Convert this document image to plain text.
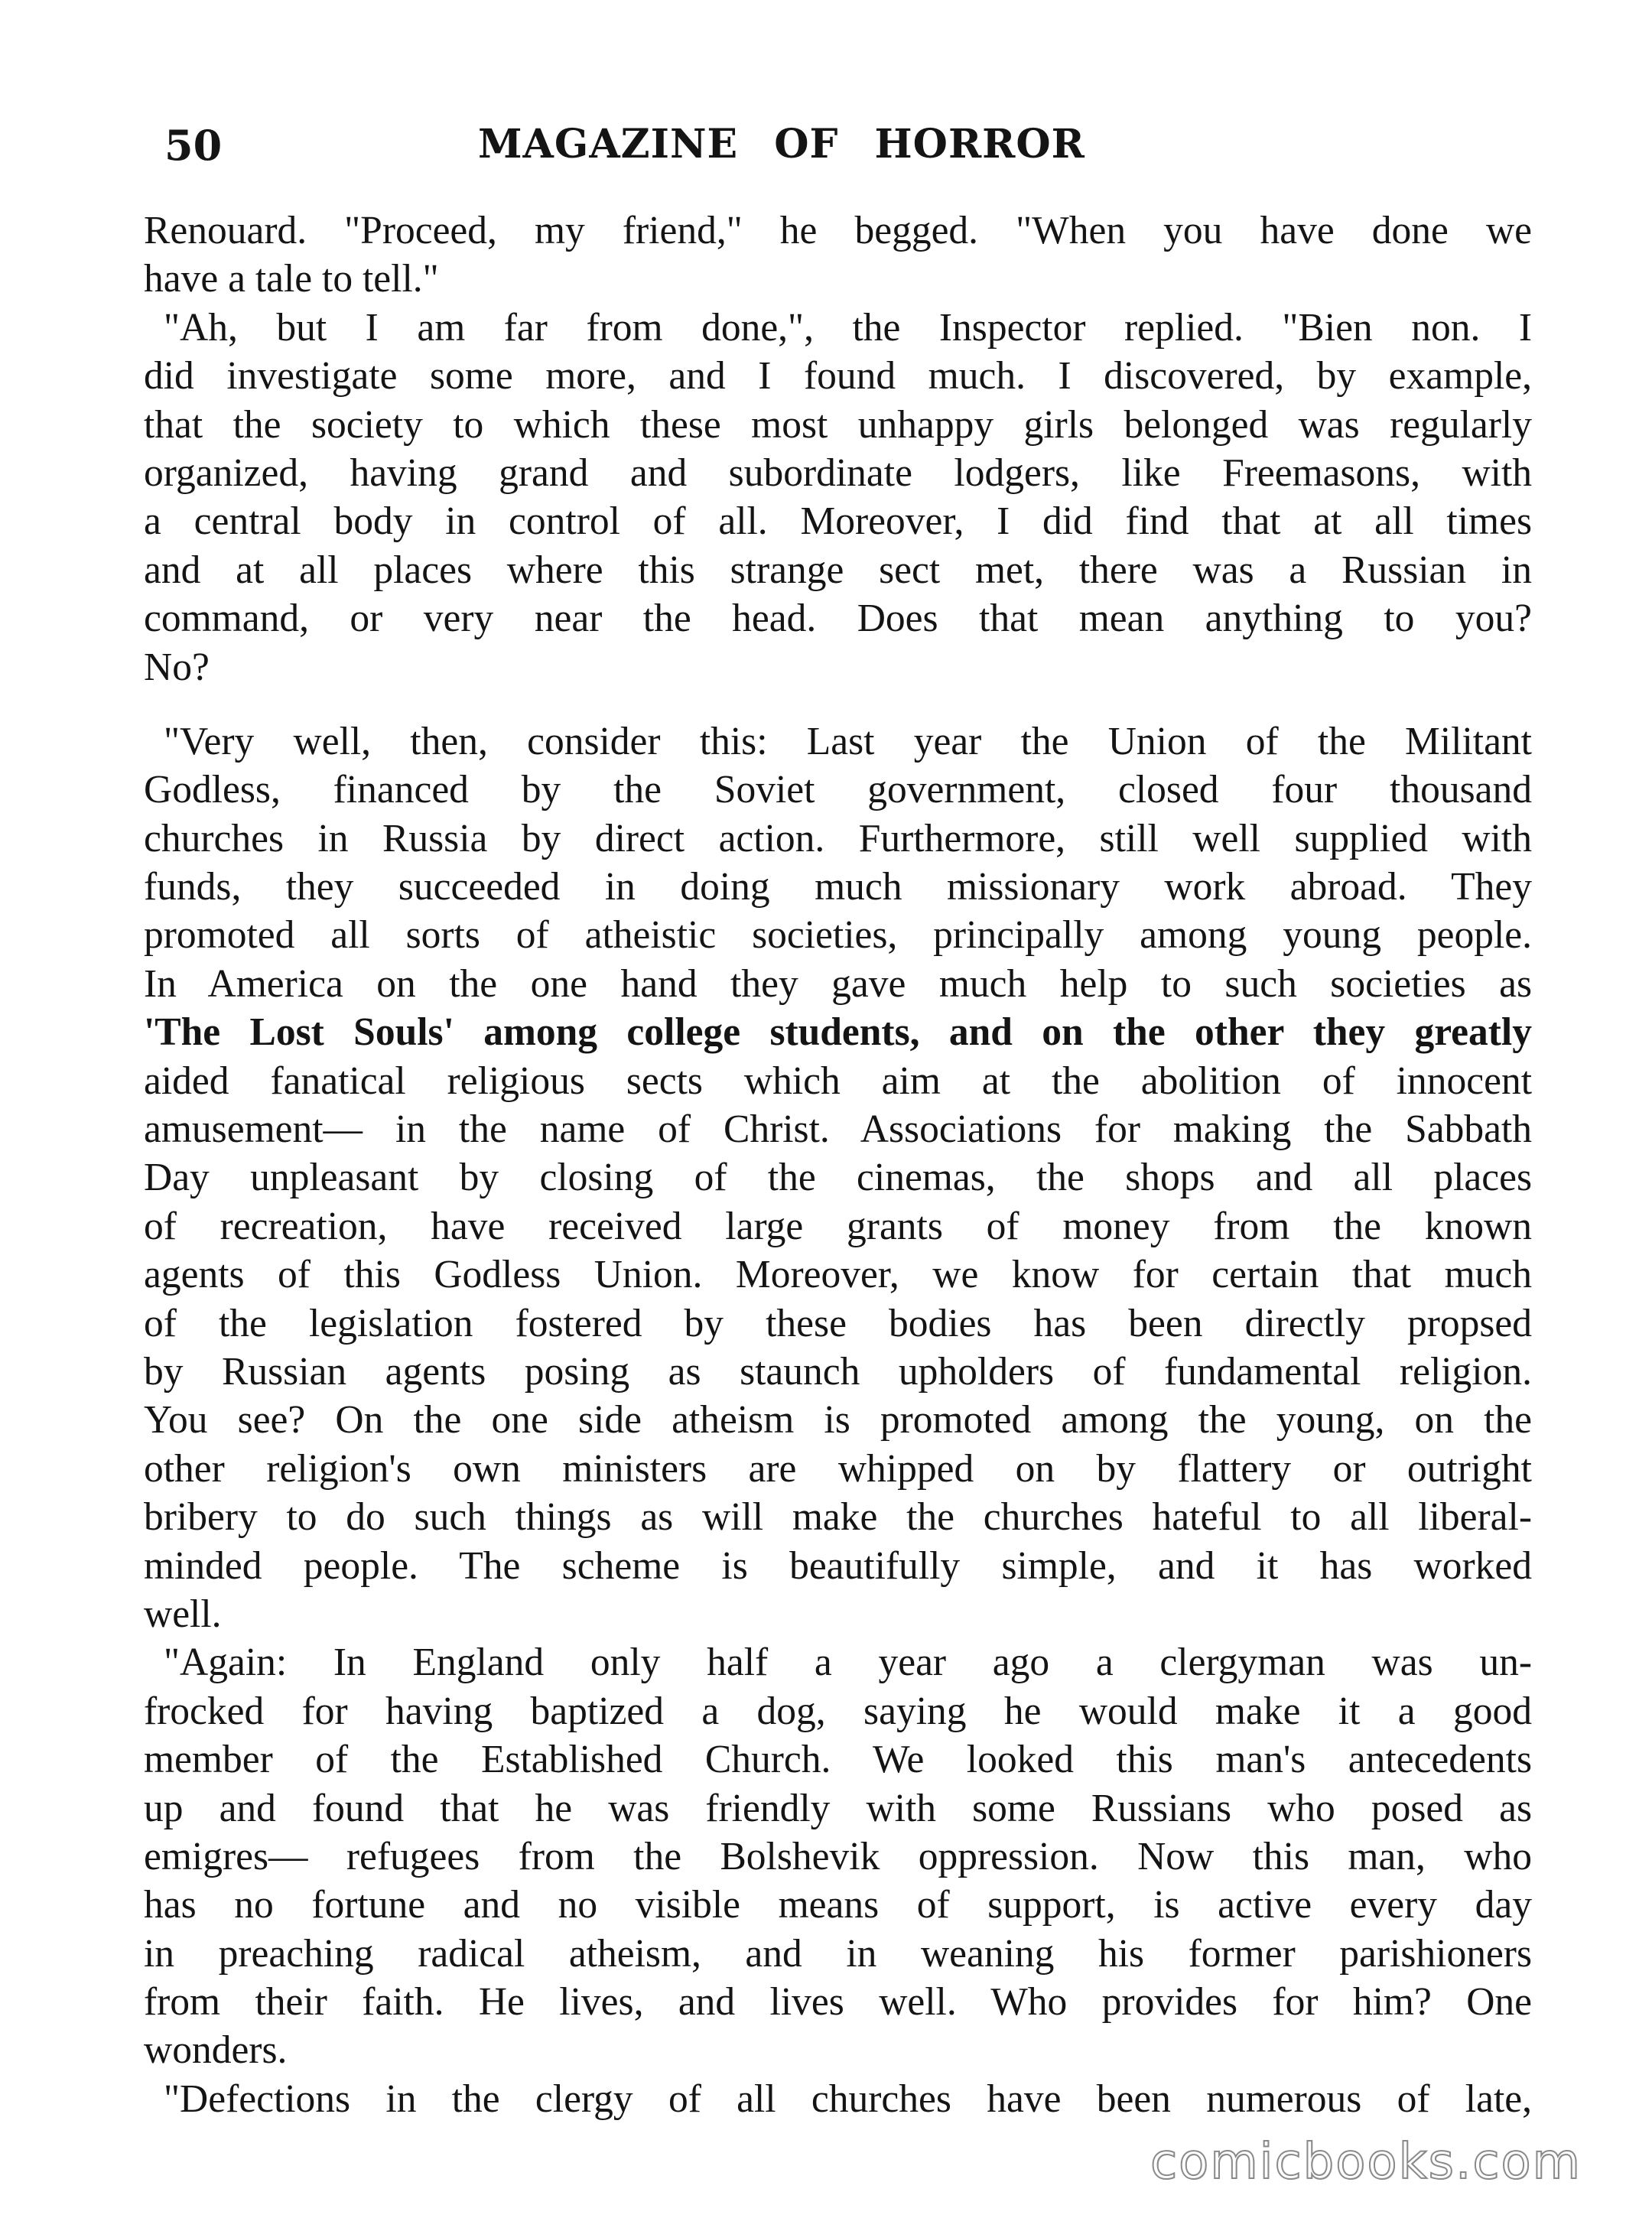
50	MAGAZINE OF HORROR
Renouard. "Proceed, my friend," he begged. "When you have done we
have a tale to tell."
"Ah, but I am far from done,", the Inspector replied. "Bien non. I
did investigate some more, and I found much. I discovered, by example,
that the society to which these most unhappy girls belonged was regularly
organized, having grand and subordinate lodgers, like Freemasons, with
a central body in control of all. Moreover, I did find that at all times
and at all places where this strange sect met, there was a Russian in
command, or very near the head. Does that mean anything to you?
No?
"Very well, then, consider this: Last year the Union of the Militant
Godless, financed by the Soviet government, closed four thousand
churches in Russia by direct action. Furthermore, still well supplied with
funds, they succeeded in doing much missionary work abroad. They
promoted all sorts of atheistic societies, principally among young people.
In America on the one hand they gave much help to such societies as
'The Lost Souls' among college students, and on the other they greatly
aided fanatical religious sects which aim at the abolition of innocent
amusement— in the name of Christ. Associations for making the Sabbath
Day unpleasant by closing of the cinemas, the shops and all places
of recreation, have received large grants of money from the known
agents of this Godless Union. Moreover, we know for certain that much
of the legislation fostered by these bodies has been directly propsed
by Russian agents posing as staunch upholders of fundamental religion.
You see? On the one side atheism is promoted among the young, on the
other religion's own ministers are whipped on by flattery or outright
bribery to do such things as will make the churches hateful to all liberal-
minded people. The scheme is beautifully simple, and it has worked
well.
"Again: In England only half a year ago a clergyman was un-
frocked for having baptized a dog, saying he would make it a good
member of the Established Church. We looked this man's antecedents
up and found that he was friendly with some Russians who posed as
emigres— refugees from the Bolshevik oppression. Now this man, who
has no fortune and no visible means of support, is active every day
in preaching radical atheism, and in weaning his former parishioners
from their faith. He lives, and lives well. Who provides for him? One
wonders.
"Defections in the clergy of all churches have been numerous of late,
comicbooks.com
